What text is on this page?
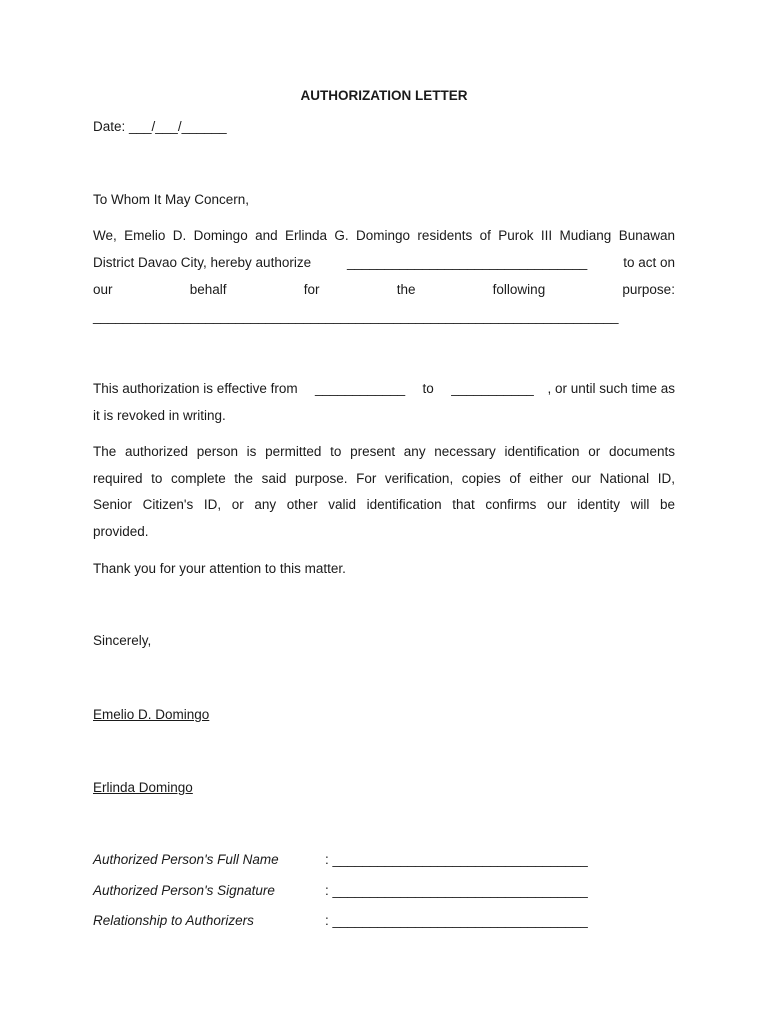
AUTHORIZATION LETTER
Date: ___/___/______
To Whom It May Concern,
We, Emelio D. Domingo and Erlinda G. Domingo residents of Purok III Mudiang Bunawan
District Davao City, hereby authorize ________________________________ to act on
our	behalf	for	the	following	purpose:
______________________________________________________________________
This authorization is effective from ____________ to ___________ , or until such time as
it is revoked in writing.
The authorized person is permitted to present any necessary identification or documents
required to complete the said purpose. For verification, copies of either our National ID,
Senior Citizen's ID, or any other valid identification that confirms our identity will be
provided.
Thank you for your attention to this matter.
Sincerely,
Emelio D. Domingo
Erlinda Domingo
Authorized Person's Full Name	: __________________________________
Authorized Person's Signature	: __________________________________
Relationship to Authorizers	: __________________________________
